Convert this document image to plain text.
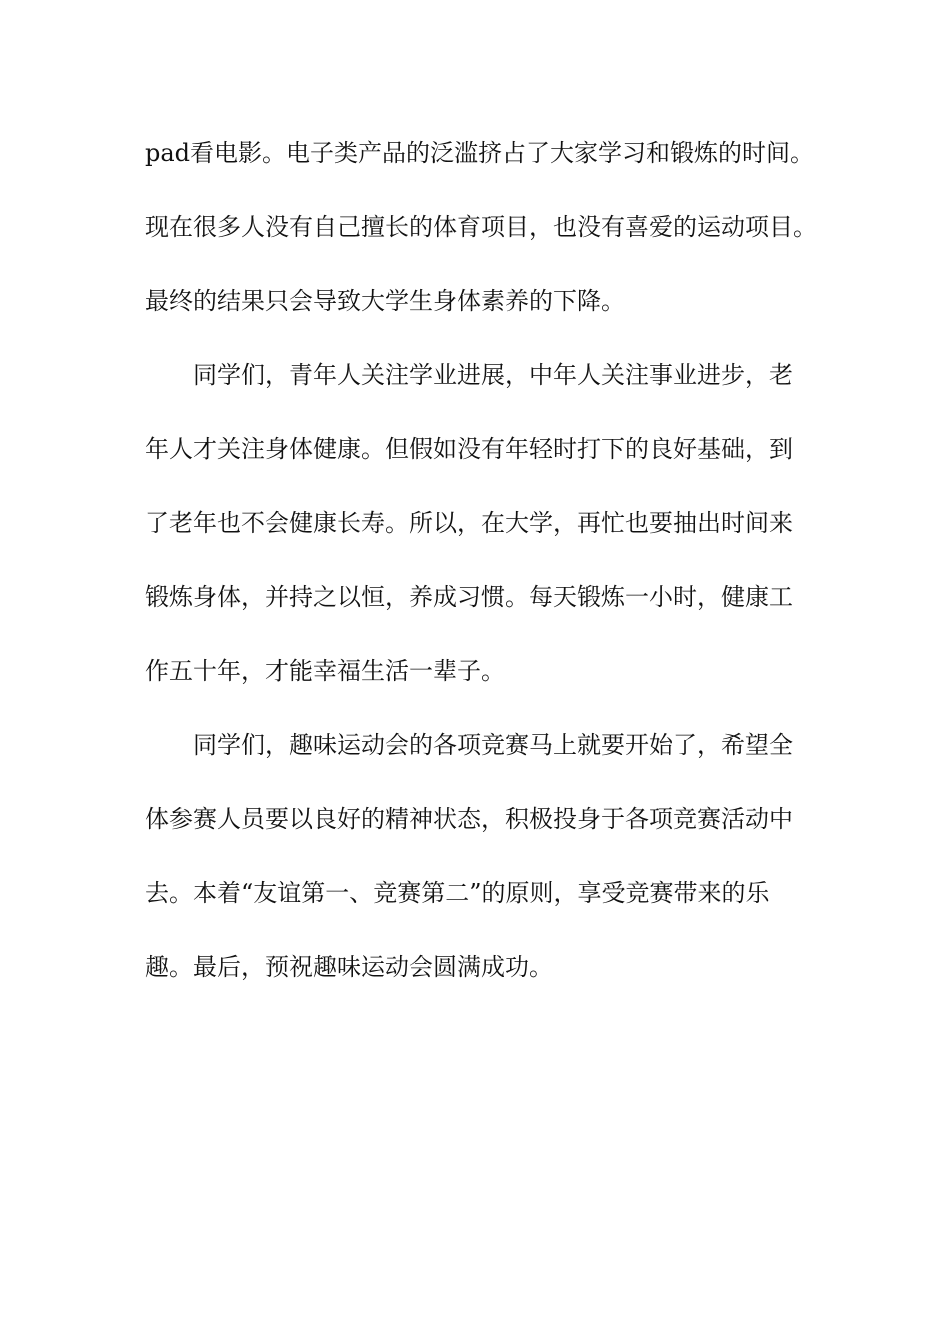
pad看电影。电子类产品的泛滥挤占了大家学习和锻炼的时间。
现在很多人没有自己擅长的体育项目，也没有喜爱的运动项目。
最终的结果只会导致大学生身体素养的下降。
同学们，青年人关注学业进展，中年人关注事业进步，老
年人才关注身体健康。但假如没有年轻时打下的良好基础，到
了老年也不会健康长寿。所以，在大学，再忙也要抽出时间来
锻炼身体，并持之以恒，养成习惯。每天锻炼一小时，健康工
作五十年，才能幸福生活一辈子。
同学们，趣味运动会的各项竞赛马上就要开始了，希望全
体参赛人员要以良好的精神状态，积极投身于各项竞赛活动中
去。本着“友谊第一、竞赛第二”的原则，享受竞赛带来的乐
趣。最后，预祝趣味运动会圆满成功。
